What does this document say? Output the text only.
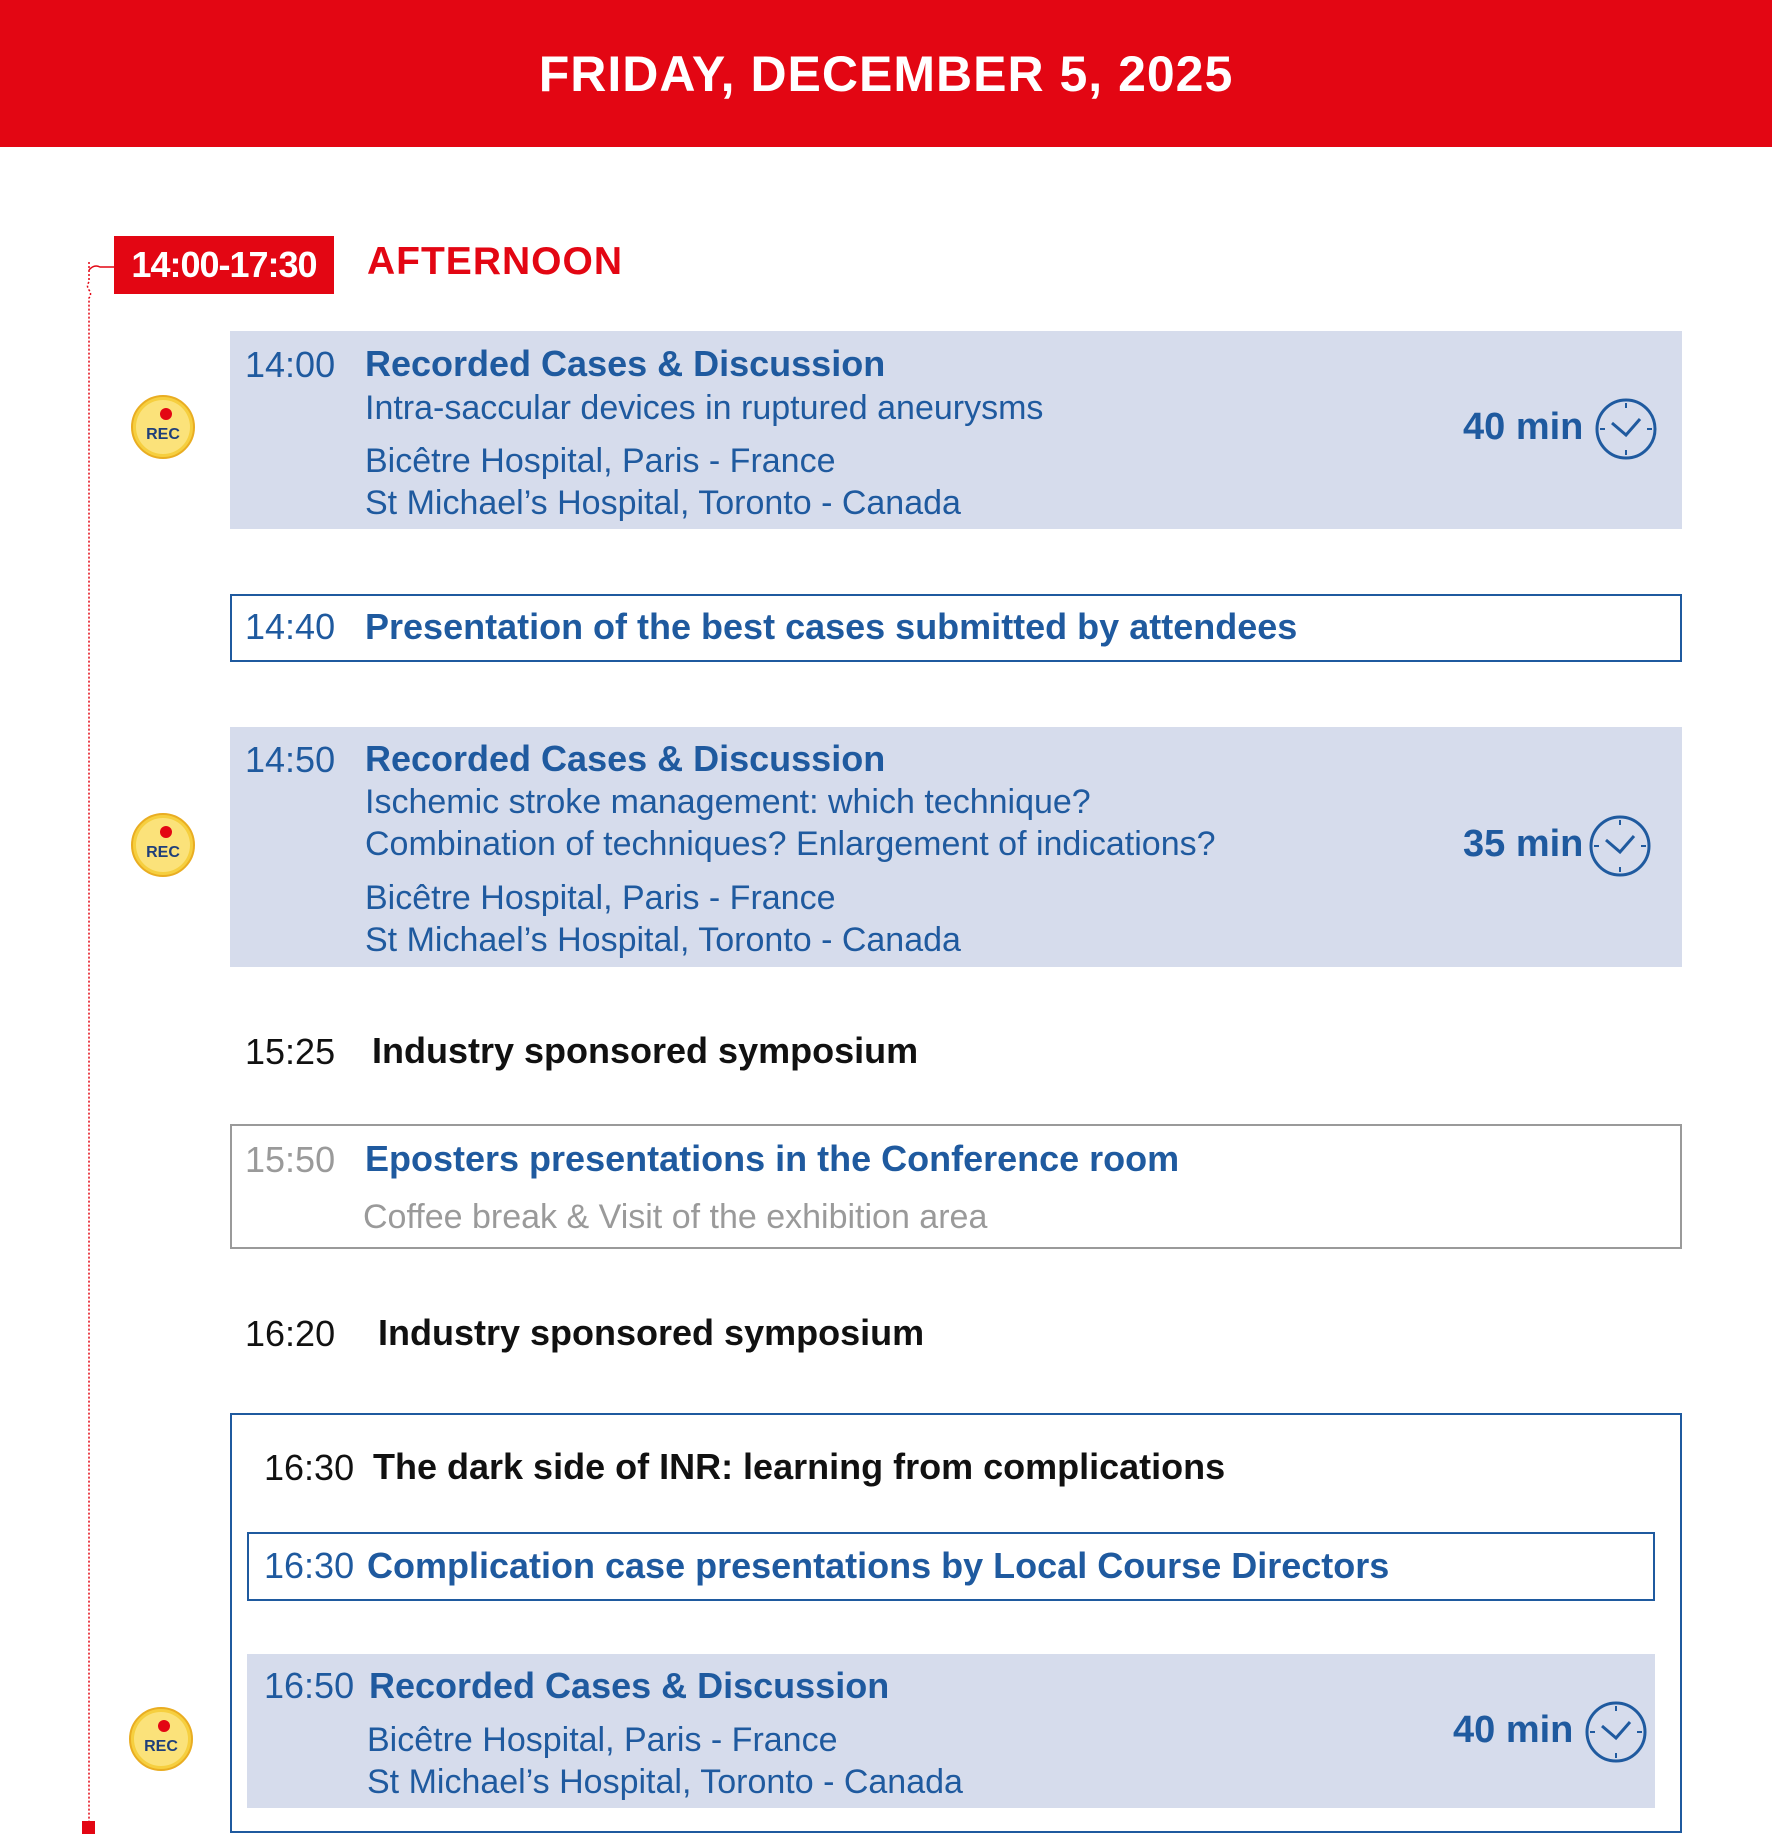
FRIDAY, DECEMBER 5, 2025
14:00-17:30	AFTERNOON
14:00 Recorded Cases & Discussion
Intra-saccular devices in ruptured aneurysms
Bicêtre Hospital, Paris - France
St Michael’s Hospital, Toronto - Canada
40 min
REC
14:40 Presentation of the best cases submitted by attendees
14:50 Recorded Cases & Discussion
Ischemic stroke management: which technique?
Combination of techniques? Enlargement of indications?
Bicêtre Hospital, Paris - France
St Michael’s Hospital, Toronto - Canada
35 min
REC
15:25 Industry sponsored symposium
15:50 Eposters presentations in the Conference room
Coffee break & Visit of the exhibition area
16:20 Industry sponsored symposium
16:30 The dark side of INR: learning from complications
16:30 Complication case presentations by Local Course Directors
16:50 Recorded Cases & Discussion
Bicêtre Hospital, Paris - France
St Michael’s Hospital, Toronto - Canada
40 min
REC
